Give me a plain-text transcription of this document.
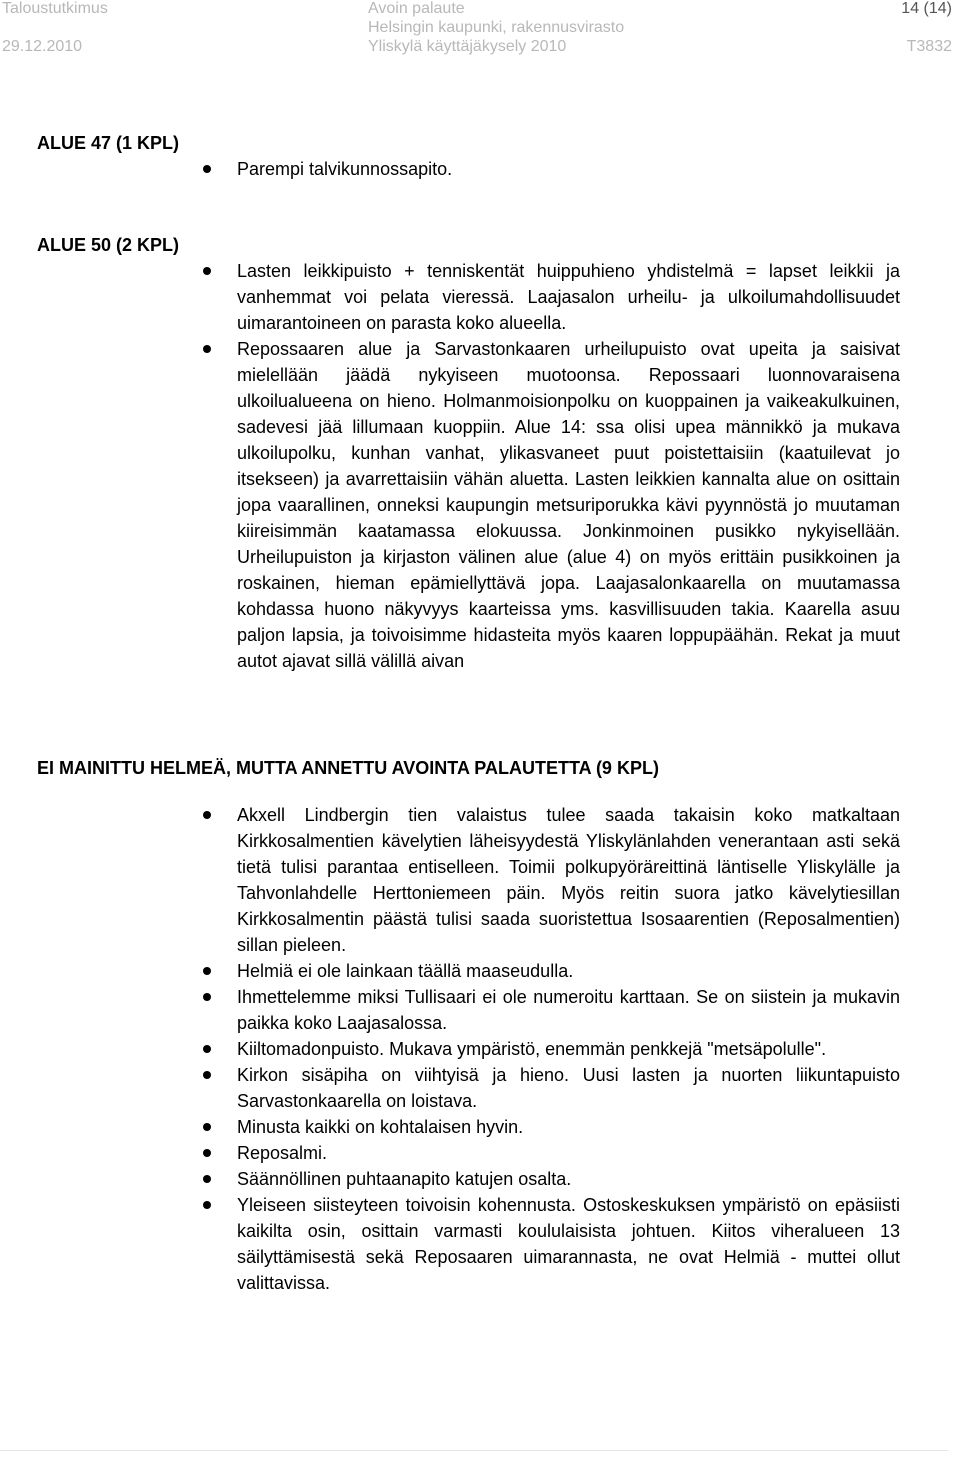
Taloustutkimus	Avoin palaute	14 (14)
Helsingin kaupunki, rakennusvirasto
29.12.2010	Yliskylä käyttäjäkysely 2010	T3832
ALUE 47 (1 KPL)
Parempi talvikunnossapito.
ALUE 50 (2 KPL)
Lasten leikkipuisto + tenniskentät huippuhieno yhdistelmä = lapset leikkii ja vanhemmat voi pelata vieressä. Laajasalon urheilu- ja ulkoilumahdollisuudet uimarantoineen on parasta koko alueella.
Repossaaren alue ja Sarvastonkaaren urheilupuisto ovat upeita ja saisivat mielellään jäädä nykyiseen muotoonsa. Repossaari luonnovaraisena ulkoilualueena on hieno. Holmanmoisionpolku on kuoppainen ja vaikeakulkuinen, sadevesi jää lillumaan kuoppiin. Alue 14: ssa olisi upea männikkö ja mukava ulkoilupolku, kunhan vanhat, ylikasvaneet puut poistettaisiin (kaatuilevat jo itsekseen) ja avarrettaisiin vähän aluetta. Lasten leikkien kannalta alue on osittain jopa vaarallinen, onneksi kaupungin metsuriporukka kävi pyynnöstä jo muutaman kiireisimmän kaatamassa elokuussa. Jonkinmoinen pusikko nykyisellään. Urheilupuiston ja kirjaston välinen alue (alue 4) on myös erittäin pusikkoinen ja roskainen, hieman epämiellyttävä jopa. Laajasalonkaarella on muutamassa kohdassa huono näkyvyys kaarteissa yms. kasvillisuuden takia. Kaarella asuu paljon lapsia, ja toivoisimme hidasteita myös kaaren loppupäähän. Rekat ja muut autot ajavat sillä välillä aivan
EI MAINITTU HELMEÄ, MUTTA ANNETTU AVOINTA PALAUTETTA (9 KPL)
Akxell Lindbergin tien valaistus tulee saada takaisin koko matkaltaan Kirkkosalmentien kävelytien läheisyydestä Yliskylänlahden venerantaan asti sekä tietä tulisi parantaa entiselleen. Toimii polkupyöräreittinä läntiselle Yliskylälle ja Tahvonlahdelle Herttoniemeen päin. Myös reitin suora jatko kävelytiesillan Kirkkosalmentin päästä tulisi saada suoristettua Isosaarentien (Reposalmentien) sillan pieleen.
Helmiä ei ole lainkaan täällä maaseudulla.
Ihmettelemme miksi Tullisaari ei ole numeroitu karttaan. Se on siistein ja mukavin paikka koko Laajasalossa.
Kiiltomadonpuisto. Mukava ympäristö, enemmän penkkejä "metsäpolulle".
Kirkon sisäpiha on viihtyisä ja hieno. Uusi lasten ja nuorten liikuntapuisto Sarvastonkaarella on loistava.
Minusta kaikki on kohtalaisen hyvin.
Reposalmi.
Säännöllinen puhtaanapito katujen osalta.
Yleiseen siisteyteen toivoisin kohennusta. Ostoskeskuksen ympäristö on epäsiisti kaikilta osin, osittain varmasti koululaisista johtuen. Kiitos viheralueen 13 säilyttämisestä sekä Reposaaren uimarannasta, ne ovat Helmiä - muttei ollut valittavissa.
